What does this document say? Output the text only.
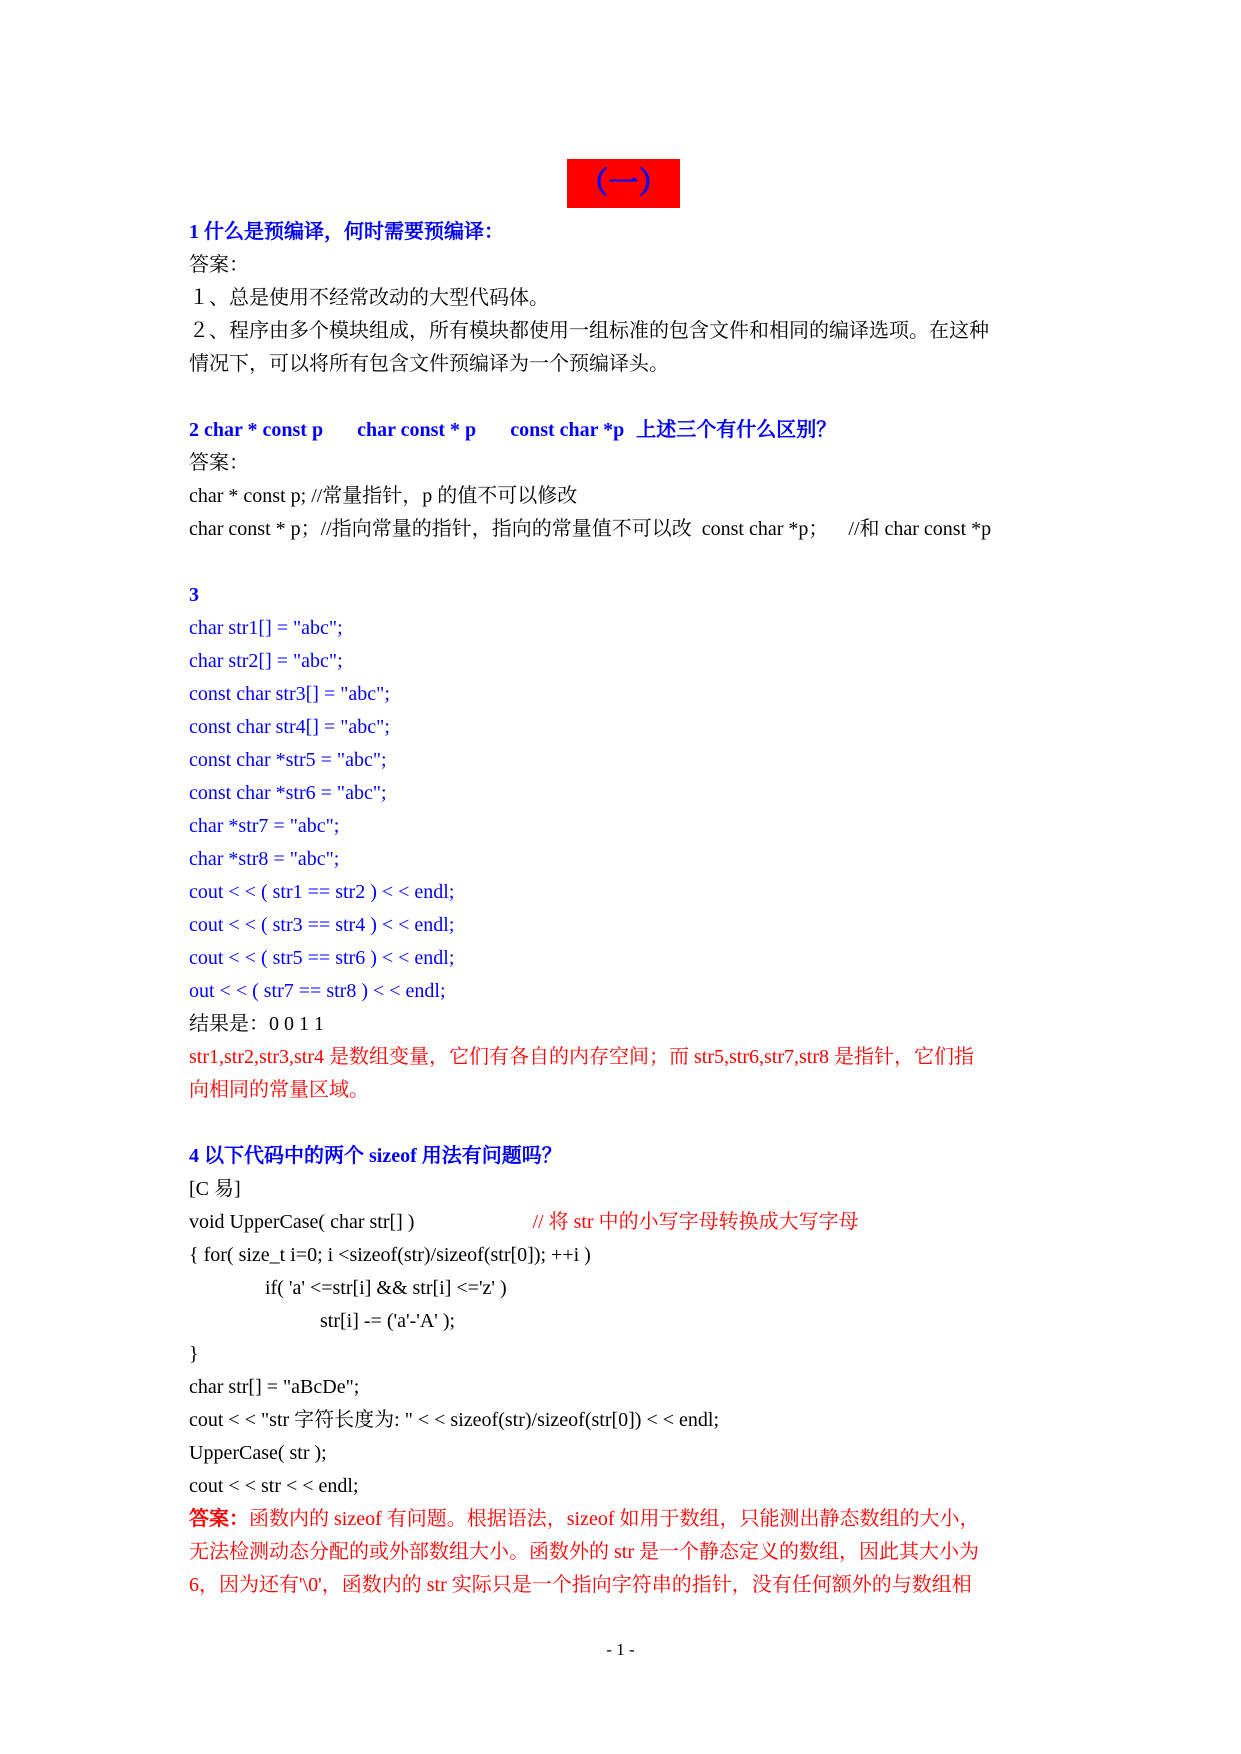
（一）
1 什么是预编译，何时需要预编译：
答案：
１、总是使用不经常改动的大型代码体。
２、程序由多个模块组成，所有模块都使用一组标准的包含文件和相同的编译选项。在这种
情况下，可以将所有包含文件预编译为一个预编译头。
2 char * const p char const * p const char *p 上述三个有什么区别？
答案：
char * const p; //常量指针，p 的值不可以修改
char const * p；//指向常量的指针，指向的常量值不可以改 const char *p； //和 char const *p
3
char str1[] = "abc";
char str2[] = "abc";
const char str3[] = "abc";
const char str4[] = "abc";
const char *str5 = "abc";
const char *str6 = "abc";
char *str7 = "abc";
char *str8 = "abc";
cout < < ( str1 == str2 ) < < endl;
cout < < ( str3 == str4 ) < < endl;
cout < < ( str5 == str6 ) < < endl;
out < < ( str7 == str8 ) < < endl;
结果是：0 0 1 1
str1,str2,str3,str4 是数组变量，它们有各自的内存空间；而 str5,str6,str7,str8 是指针，它们指
向相同的常量区域。
4 以下代码中的两个 sizeof 用法有问题吗？
[C 易]
void UpperCase( char str[] )	// 将 str 中的小写字母转换成大写字母
{ for( size_t i=0; i <sizeof(str)/sizeof(str[0]); ++i )
if( 'a' <=str[i] && str[i] <='z' )
str[i] -= ('a'-'A' );
}
char str[] = "aBcDe";
cout < < "str 字符长度为: " < < sizeof(str)/sizeof(str[0]) < < endl;
UpperCase( str );
cout < < str < < endl;
答案：函数内的 sizeof 有问题。根据语法，sizeof 如用于数组，只能测出静态数组的大小，
无法检测动态分配的或外部数组大小。函数外的 str 是一个静态定义的数组，因此其大小为
6，因为还有'\0'，函数内的 str 实际只是一个指向字符串的指针，没有任何额外的与数组相
- 1 -
